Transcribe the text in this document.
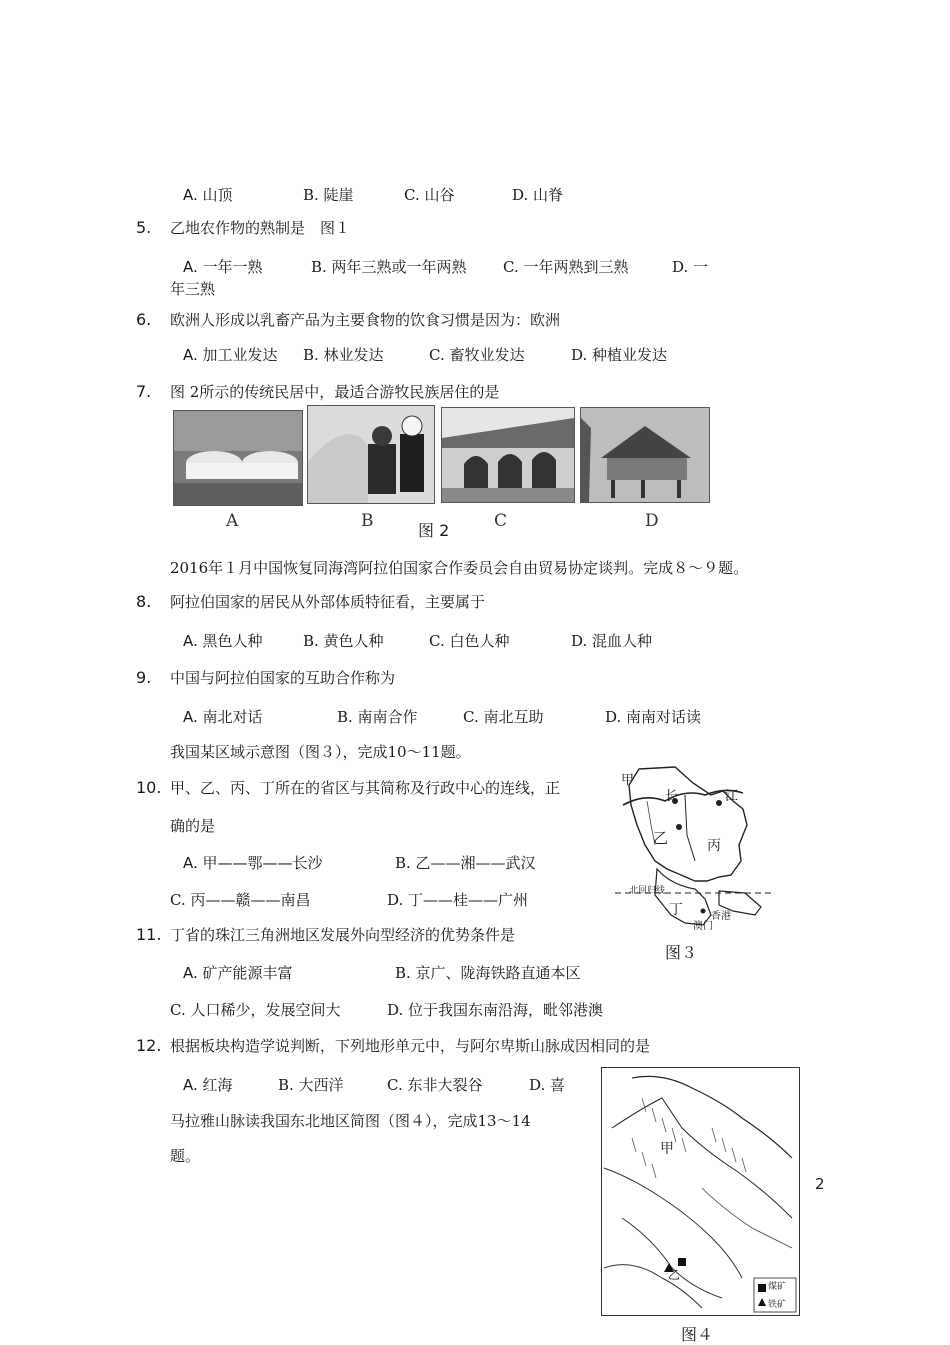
A. 山顶	B. 陡崖	C. 山谷	D. 山脊
5. 乙地农作物的熟制是　图１
A. 一年一熟	B. 两年三熟或一年两熟 C. 一年两熟到三熟	D. 一
年三熟
6. 欧洲人形成以乳畜产品为主要食物的饮食习惯是因为：欧洲
A. 加工业发达 B. 林业发达	C. 畜牧业发达	D. 种植业发达
7. 图 2所示的传统民居中，最适合游牧民族居住的是
A	B	图 2	C	D
2016年１月中国恢复同海湾阿拉伯国家合作委员会自由贸易协定谈判。完成８～９题。
8. 阿拉伯国家的居民从外部体质特征看，主要属于
A. 黑色人种	B. 黄色人种	C. 白色人种	D. 混血人种
9. 中国与阿拉伯国家的互助合作称为
A. 南北对话	B. 南南合作	C. 南北互助	D. 南南对话读
我国某区域示意图（图３），完成10～11题。
10. 甲、乙、丙、丁所在的省区与其简称及行政中心的连线，正
确的是
A. 甲——鄂——长沙	B. 乙——湘——武汉
C. 丙——赣——南昌	D. 丁——桂——广州
甲
长	江
乙	丙
北回归线
丁
澳门
香港
图３
11. 丁省的珠江三角洲地区发展外向型经济的优势条件是
A. 矿产能源丰富	B. 京广、陇海铁路直通本区
C. 人口稀少，发展空间大	D. 位于我国东南沿海，毗邻港澳
12. 根据板块构造学说判断，下列地形单元中，与阿尔卑斯山脉成因相同的是
A. 红海	B. 大西洋	C. 东非大裂谷	D. 喜
马拉雅山脉读我国东北地区简图（图４），完成13～14
题。	甲
乙
煤矿
铁矿
图４
2
